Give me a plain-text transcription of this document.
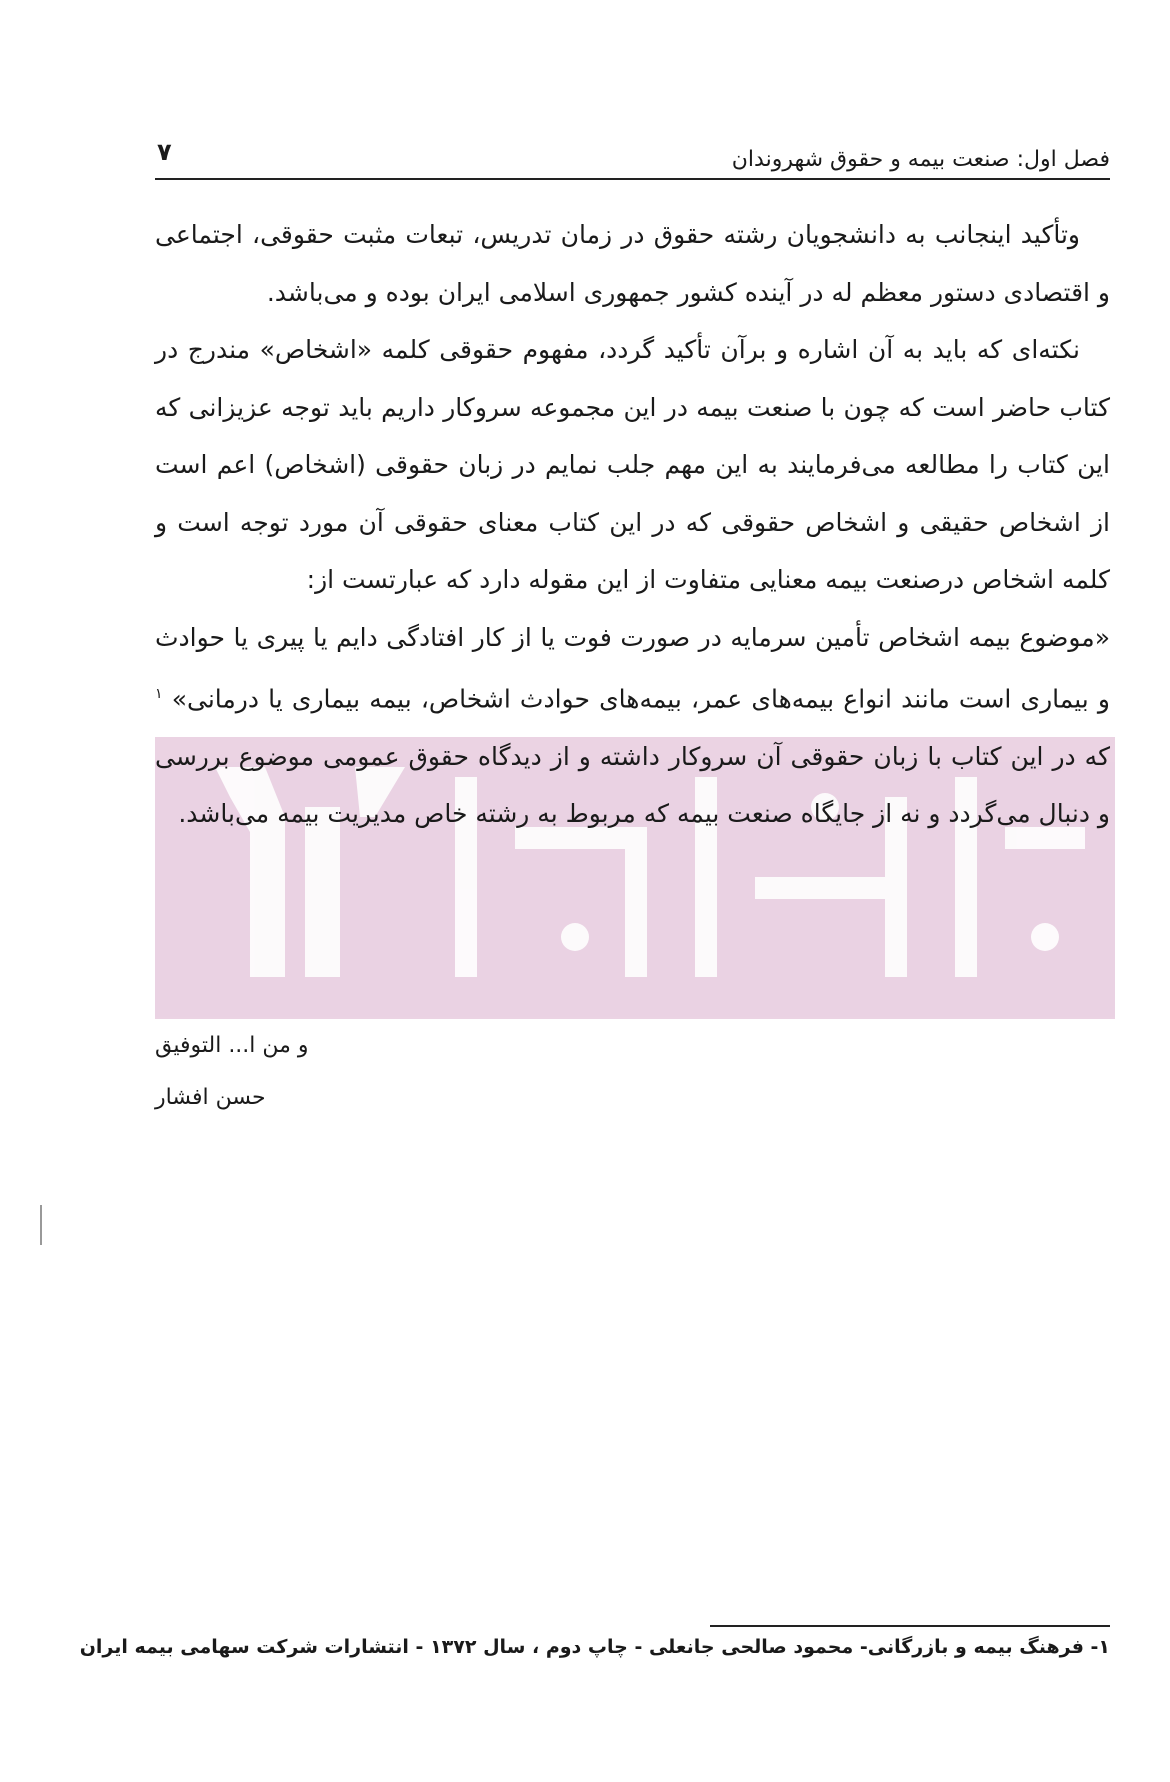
فصل اول: صنعت بیمه و حقوق شهروندان
۷

وتأکید اینجانب به دانشجویان رشته حقوق در زمان تدریس، تبعات مثبت حقوقی، اجتماعی و اقتصادی دستور معظم له در آینده کشور جمهوری اسلامی ایران بوده و می‌باشد.

نکته‌ای که باید به آن اشاره و برآن تأکید گردد، مفهوم حقوقی کلمه «اشخاص» مندرج در کتاب حاضر است که چون با صنعت بیمه در این مجموعه سروکار داریم باید توجه عزیزانی که این کتاب را مطالعه می‌فرمایند به این مهم جلب نمایم در زبان حقوقی (اشخاص) اعم است از اشخاص حقیقی و اشخاص حقوقی که در این کتاب معنای حقوقی آن مورد توجه است و کلمه اشخاص درصنعت بیمه معنایی متفاوت از این مقوله دارد که عبارتست از:

«موضوع بیمه اشخاص تأمین سرمایه در صورت فوت یا از کار افتادگی دایم یا پیری یا حوادث و بیماری است مانند انواع بیمه‌های عمر، بیمه‌های حوادث اشخاص، بیمه بیماری یا درمانی» $^۱$ که در این کتاب با زبان حقوقی آن سروکار داشته و از دیدگاه حقوق عمومی موضوع بررسی و دنبال می‌گردد و نه از جایگاه صنعت بیمه که مربوط به رشته خاص مدیریت بیمه می‌باشد.

و من ا... التوفیق
حسن افشار
۱- فرهنگ بیمه و بازرگانی- محمود صالحی جانعلی - چاپ دوم ، سال ۱۳۷۲ - انتشارات شرکت سهامی بیمه ایران
